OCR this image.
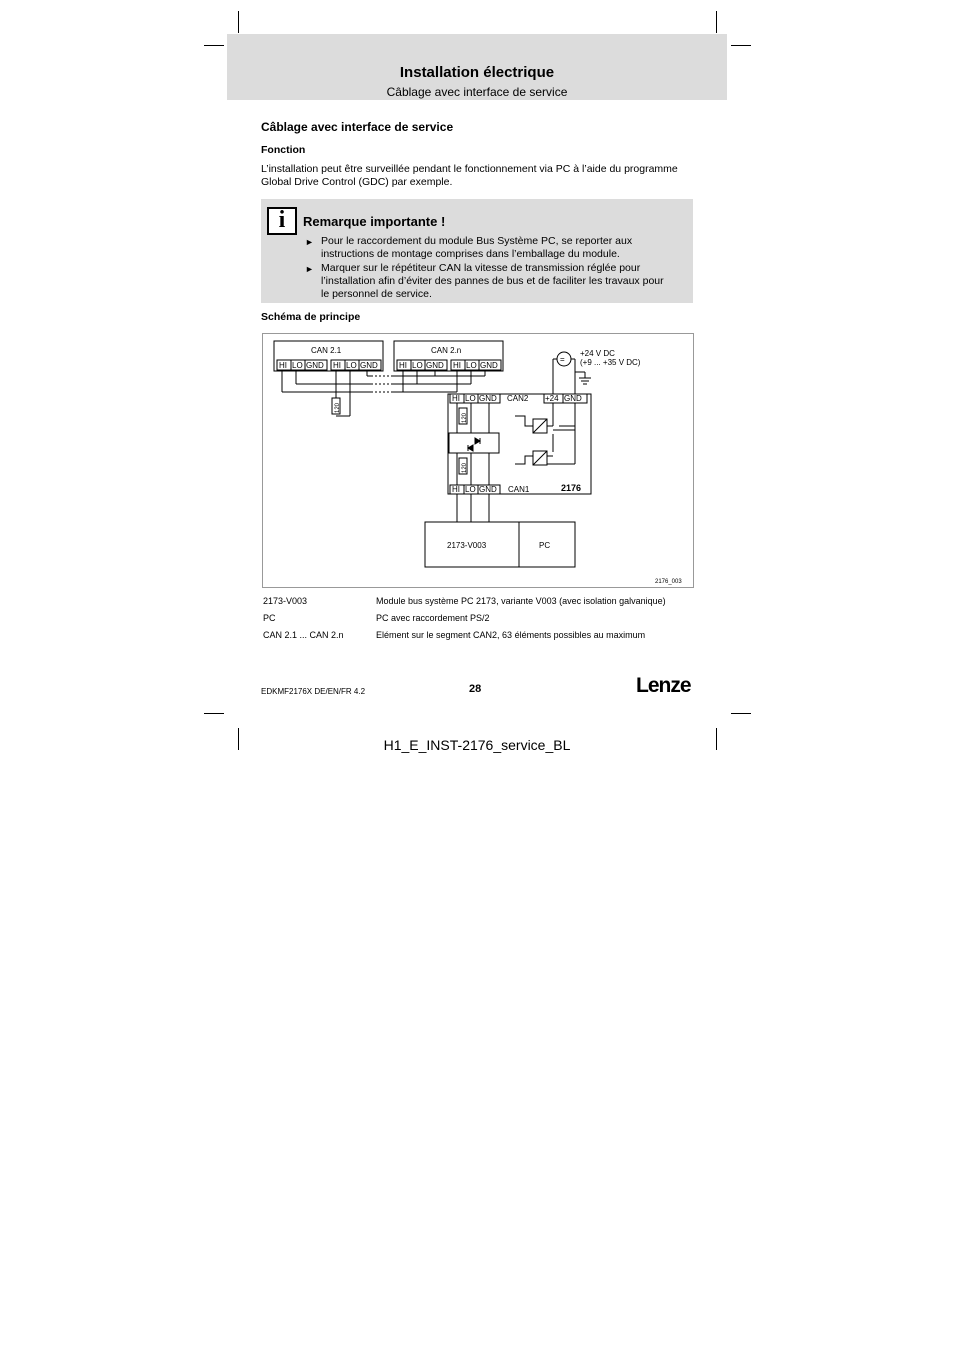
Installation électrique
Câblage avec interface de service
Câblage avec interface de service
Fonction
L’installation peut être surveillée pendant le fonctionnement via PC à l’aide du programme
Global Drive Control (GDC) par exemple.
i	Remarque importante !
► Pour le raccordement du module Bus Système PC, se reporter aux
instructions de montage comprises dans l’emballage du module.
► Marquer sur le répétiteur CAN la vitesse de transmission réglée pour
l’installation afin d’éviter des pannes de bus et de faciliter les travaux pour
le personnel de service.
Schéma de principe
CAN 2.1
HI LO GND HI LO GND
CAN 2.n
HI LO GND HI LO GND
120
=
+24 V DC
(+9 ... +35 V DC)
HI LO GND CAN2 +24 GND
HI LO GND CAN1	2176
120
120
2173-V003	PC
2176_003
2173-V003	Module bus système PC 2173, variante V003 (avec isolation galvanique)
PC	PC avec raccordement PS/2
CAN 2.1 ... CAN 2.n	Elément sur le segment CAN2, 63 éléments possibles au maximum
EDKMF2176X DE/EN/FR 4.2	28	Lenze
H1_E_INST-2176_service_BL
